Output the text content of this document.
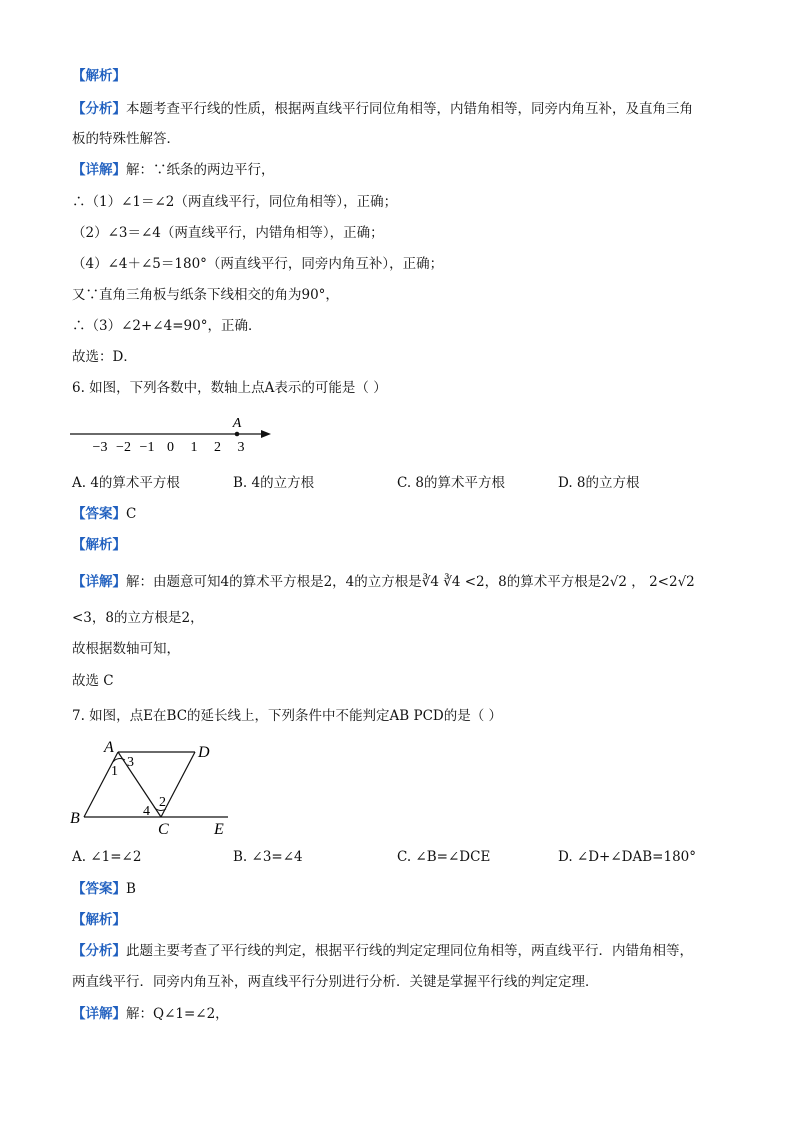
【解析】
【分析】本题考查平行线的性质，根据两直线平行同位角相等，内错角相等，同旁内角互补，及直角三角
板的特殊性解答．
【详解】解：∵纸条的两边平行，
∴（1）∠1＝∠2（两直线平行，同位角相等），正确；
（2）∠3＝∠4（两直线平行，内错角相等），正确；
（4）∠4＋∠5＝180°（两直线平行，同旁内角互补），正确；
又∵直角三角板与纸条下线相交的角为90°，
∴（3）∠2+∠4=90°，正确．
故选：D．
6. 如图，下列各数中，数轴上点A表示的可能是（ ）
−3 −2 −1 0 1 2 3
A
A. 4的算术平方根	B. 4的立方根	C. 8的算术平方根	D. 8的立方根
【答案】C
【解析】
【详解】解：由题意可知4的算术平方根是2，4的立方根是∛4 ∛4 <2，8的算术平方根是2√2 ， 2<2√2
<3，8的立方根是2，
故根据数轴可知，
故选 C
7. 如图，点E在BC的延长线上，下列条件中不能判定AB PCD的是（ ）
A	D
B
C	E
1
3
4
2
A. ∠1=∠2	B. ∠3=∠4	C. ∠B=∠DCE	D. ∠D+∠DAB=180°
【答案】B
【解析】
【分析】此题主要考查了平行线的判定，根据平行线的判定定理同位角相等，两直线平行．内错角相等，
两直线平行．同旁内角互补，两直线平行分别进行分析．关键是掌握平行线的判定定理．
【详解】解：Q∠1=∠2，
